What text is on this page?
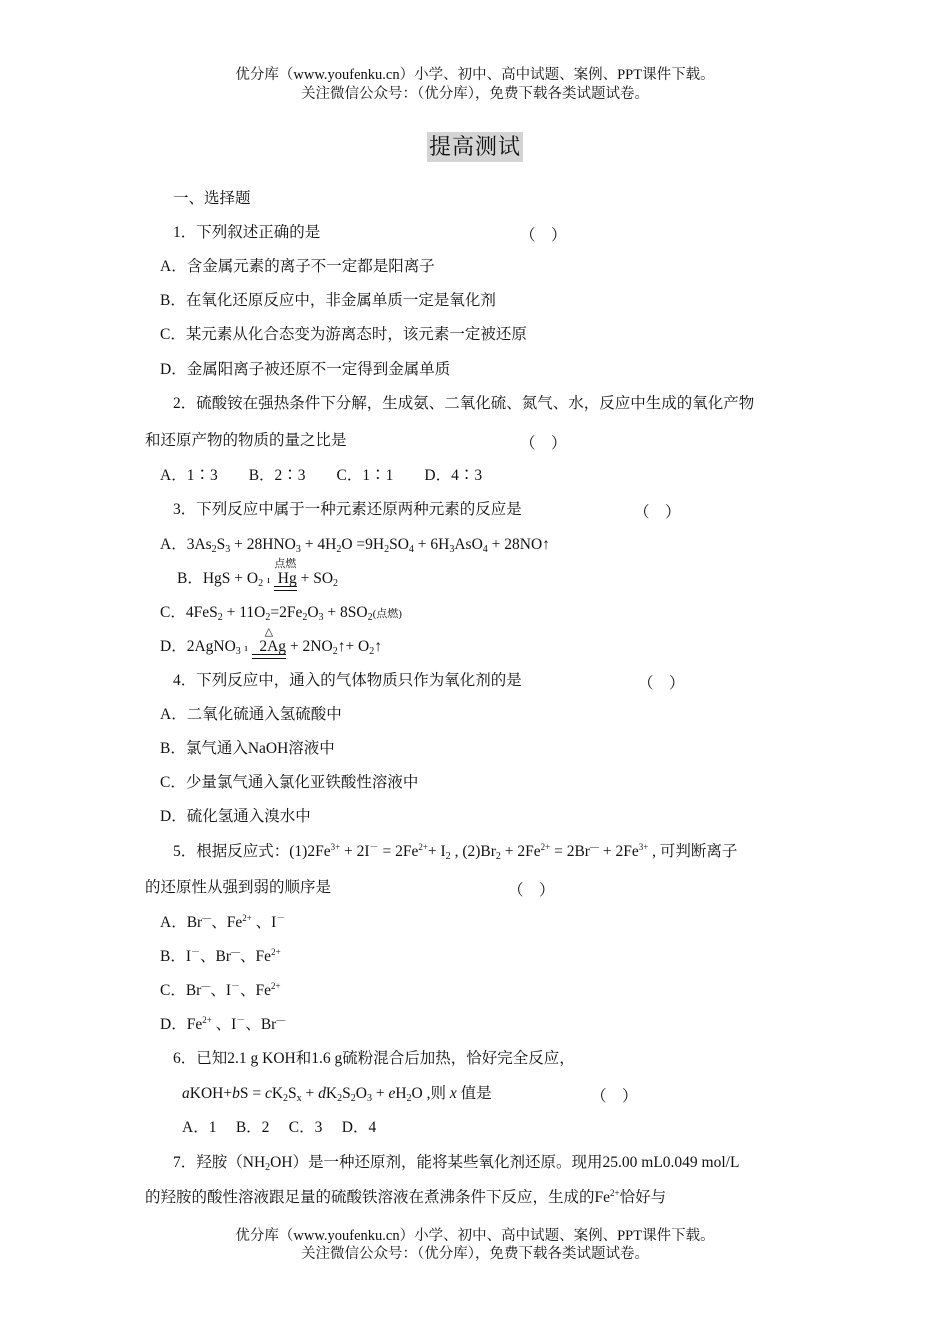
优分库（www.youfenku.cn）小学、初中、高中试题、案例、PPT课件下载。
关注微信公众号：（优分库），免费下载各类试题试卷。
提高测试
一、选择题
1．下列叙述正确的是	（　）
A．含金属元素的离子不一定都是阳离子
B．在氧化还原反应中，非金属单质一定是氧化剂
C．某元素从化合态变为游离态时，该元素一定被还原
D．金属阳离子被还原不一定得到金属单质
2．硫酸铵在强热条件下分解，生成氨、二氧化硫、氮气、水，反应中生成的氧化产物
和还原产物的物质的量之比是	（　）
A．1∶3　　B．2∶3　　C．1∶1　　D．4∶3
3．下列反应中属于一种元素还原两种元素的反应是	（　）
A．$3As_2S_3 + 28HNO_3 + 4H_2O =9H_2SO_4 + 6H_3AsO_4$ + 28NO↑
B．HgS + $O_2$ ı
点燃
$Hg + SO_2$
C．$4FeS_2 + 11O_2=2Fe_2O_3 + 8SO_2$(点燃)
D．2AgNO$_3$ ı
△
$2Ag + 2NO_2↑+$ $O_2↑$
4．下列反应中，通入的气体物质只作为氧化剂的是	（　）
A．二氧化硫通入氢硫酸中
B．氯气通入NaOH溶液中
C．少量氯气通入氯化亚铁酸性溶液中
D．硫化氢通入溴水中
5．根据反应式：$(1)2Fe^{3+} + 2I^- = 2Fe^{2+}+ I_2$ , $(2)Br_2 + 2Fe^{2+} = 2Br^— + 2Fe^{3+}$ , 可判断离子
的还原性从强到弱的顺序是	（　）
A．Br—、$Fe^{2+}$ 、I－
B．I－、Br—、$Fe^{2+}$
C．Br—、I－、$Fe^{2+}$
D．$Fe^{2+}$ 、I－、Br—
6．已知2.1 g KOH和1.6 g硫粉混合后加热，恰好完全反应，
aKOH+bS = $cK_2S_x + dK_2S_2O_3 + eH_2O$ ,则 x 值是	（　）
A．1　 B．2　 C．3　 D．4
7．羟胺$(NH_2OH)$是一种还原剂，能将某些氧化剂还原。现用25.00 mL0.049 mol/L
的羟胺的酸性溶液跟足量的硫酸铁溶液在煮沸条件下反应，生成的$Fe^{2+}$恰好与
优分库（www.youfenku.cn）小学、初中、高中试题、案例、PPT课件下载。
关注微信公众号：（优分库），免费下载各类试题试卷。
